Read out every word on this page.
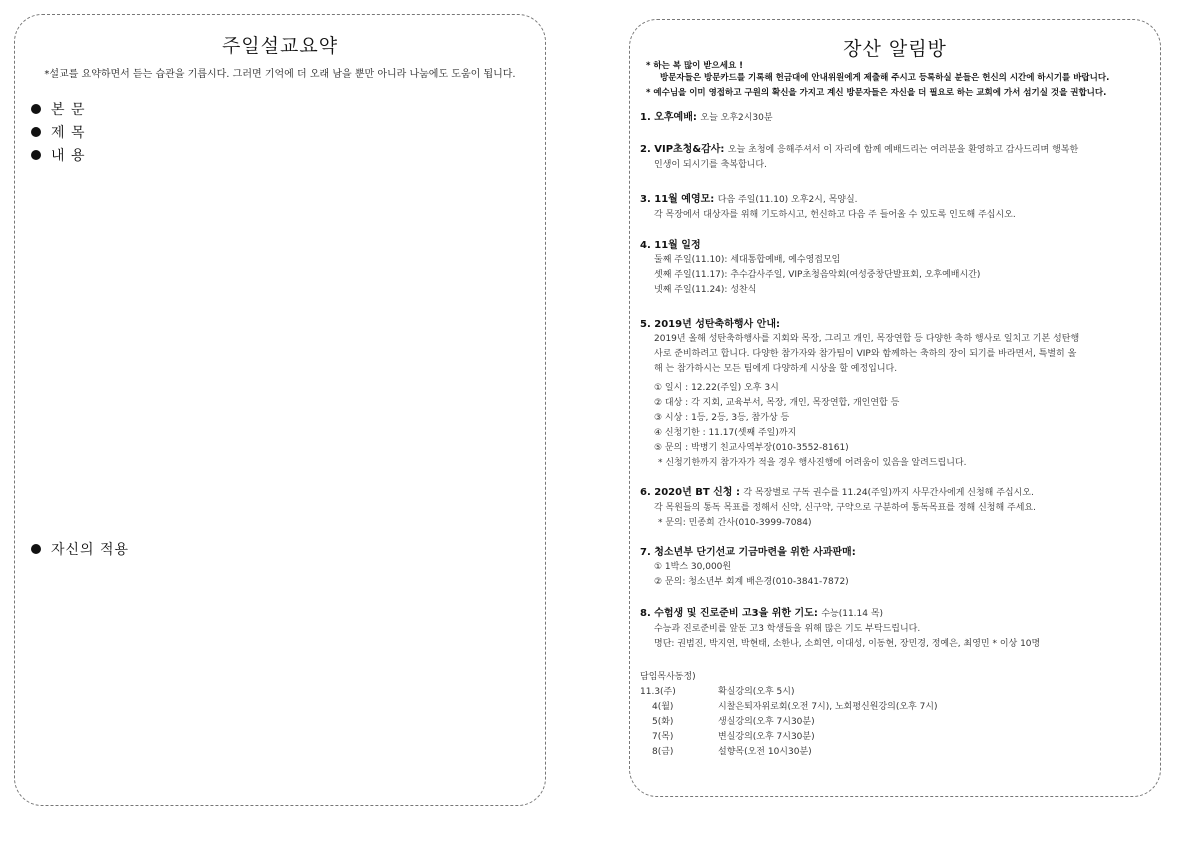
주일설교요약
*설교를 요약하면서 듣는 습관을 기릅시다. 그러면 기억에 더 오래 남을 뿐만 아니라 나눔에도 도움이 됩니다.
본 문
제 목
내 용
자신의 적용
장산 알림방
* 하는 복 많이 받으세요 !
방문자들은 방문카드를 기록해 헌금대에 안내위원에게 제출해 주시고 등록하실 분들은 헌신의 시간에 하시기를 바랍니다.
* 예수님을 이미 영접하고 구원의 확신을 가지고 계신 방문자들은 자신을 더 필요로 하는 교회에 가서 섬기실 것을 권합니다.
1. 오후예배: 오늘 오후2시30분
2. VIP초청&감사: 오늘 초청에 응해주셔서 이 자리에 함께 예배드리는 여러분을 환영하고 감사드리며 행복한
인생이 되시기를 축복합니다.
3. 11월 예영모: 다음 주일(11.10) 오후2시, 목양실.
각 목장에서 대상자를 위해 기도하시고, 헌신하고 다음 주 들어올 수 있도록 인도해 주십시오.
4. 11월 일정
둘째 주일(11.10): 세대통합예배, 예수영접모임
셋째 주일(11.17): 추수감사주일, VIP초청음악회(여성중창단발표회, 오후예배시간)
넷째 주일(11.24): 성찬식
5. 2019년 성탄축하행사 안내:
2019년 올해 성탄축하행사를 지회와 목장, 그리고 개인, 목장연합 등 다양한 축하 행사로 일치고 기본 성탄행
사로 준비하려고 합니다. 다양한 참가자와 참가팀이 VIP와 함께하는 축하의 장이 되기를 바라면서, 특별히 올
해 는 참가하시는 모든 팀에게 다양하게 시상을 할 예정입니다.
① 일시 : 12.22(주일) 오후 3시
② 대상 : 각 지회, 교육부서, 목장, 개인, 목장연합, 개인연합 등
③ 시상 : 1등, 2등, 3등, 참가상 등
④ 신청기한 : 11.17(셋째 주일)까지
⑤ 문의 : 박병기 친교사역부장(010-3552-8161)
* 신청기한까지 참가자가 적을 경우 행사진행에 어려움이 있음을 알려드립니다.
6. 2020년 BT 신청 : 각 목장별로 구독 권수를 11.24(주일)까지 사무간사에게 신청해 주십시오.
각 목원들의 통독 목표를 정해서 신약, 신구약, 구약으로 구분하여 통독목표를 정해 신청해 주세요.
* 문의: 민종희 간사(010-3999-7084)
7. 청소년부 단기선교 기금마련을 위한 사과판매:
① 1박스 30,000원
② 문의: 청소년부 회계 배은경(010-3841-7872)
8. 수험생 및 진로준비 고3을 위한 기도: 수능(11.14 목)
수능과 진로준비를 앞둔 고3 학생들을 위해 많은 기도 부탁드립니다.
명단: 권범진, 박지연, 박현태, 소한나, 소희연, 이대성, 이동현, 장민경, 정예은, 최영민 * 이상 10명
담임목사동정)
11.3(주)	확실강의(오후 5시)
4(월)	시찰은퇴자위로회(오전 7시), 노회평신원강의(오후 7시)
5(화)	생실강의(오후 7시30분)
7(목)	변실강의(오후 7시30분)
8(금)	설향목(오전 10시30분)
